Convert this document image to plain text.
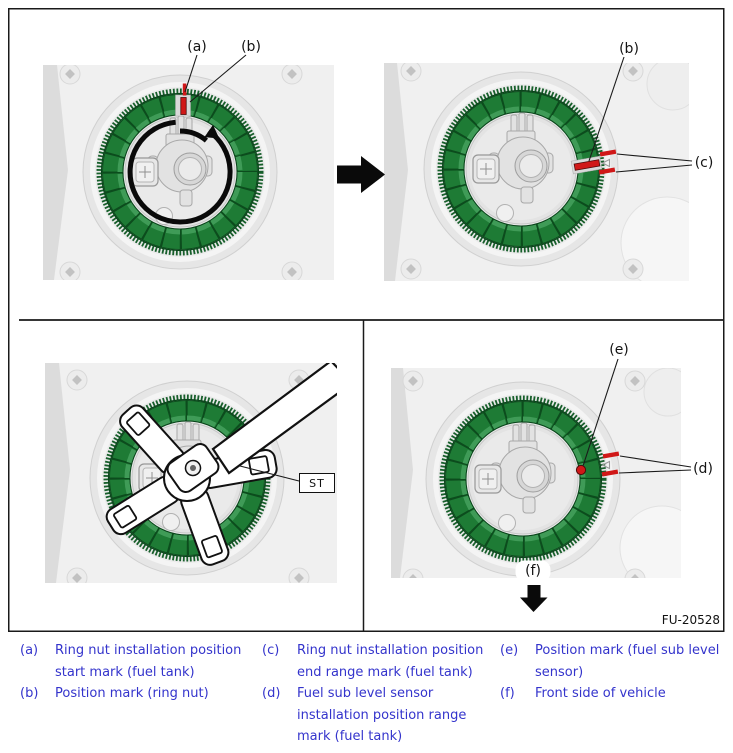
(a) (b)	(b)
(c)
(e)
(d)
(f)
ST
FU-20528
(a)	Ring nut installation position
start mark (fuel tank)
(b)	Position mark (ring nut)
(c)	Ring nut installation position
end range mark (fuel tank)
(d)	Fuel sub level sensor
installation position range
mark (fuel tank)
(e)	Position mark (fuel sub level
sensor)
(f)	Front side of vehicle
